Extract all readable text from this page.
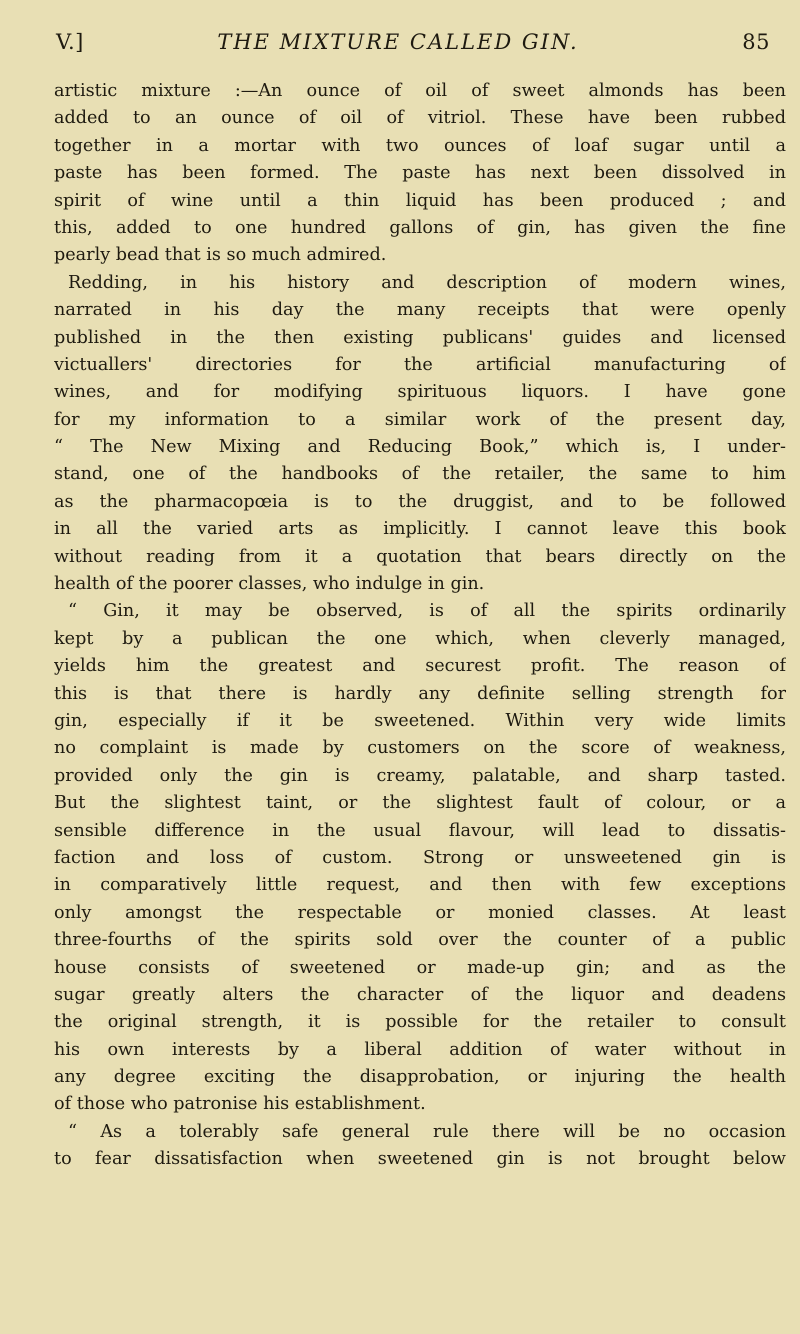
V.]	THE MIXTURE CALLED GIN.	85
artistic mixture :—An ounce of oil of sweet almonds has been
added to an ounce of oil of vitriol. These have been rubbed
together in a mortar with two ounces of loaf sugar until a
paste has been formed. The paste has next been dissolved in
spirit of wine until a thin liquid has been produced ; and
this, added to one hundred gallons of gin, has given the fine
pearly bead that is so much admired.
Redding, in his history and description of modern wines,
narrated in his day the many receipts that were openly
published in the then existing publicans' guides and licensed
victuallers' directories for the artificial manufacturing of
wines, and for modifying spirituous liquors. I have gone
for my information to a similar work of the present day,
“ The New Mixing and Reducing Book,” which is, I under-
stand, one of the handbooks of the retailer, the same to him
as the pharmacopœia is to the druggist, and to be followed
in all the varied arts as implicitly. I cannot leave this book
without reading from it a quotation that bears directly on the
health of the poorer classes, who indulge in gin.
“ Gin, it may be observed, is of all the spirits ordinarily
kept by a publican the one which, when cleverly managed,
yields him the greatest and securest profit. The reason of
this is that there is hardly any definite selling strength for
gin, especially if it be sweetened. Within very wide limits
no complaint is made by customers on the score of weakness,
provided only the gin is creamy, palatable, and sharp tasted.
But the slightest taint, or the slightest fault of colour, or a
sensible difference in the usual flavour, will lead to dissatis-
faction and loss of custom. Strong or unsweetened gin is
in comparatively little request, and then with few exceptions
only amongst the respectable or monied classes. At least
three-fourths of the spirits sold over the counter of a public
house consists of sweetened or made-up gin; and as the
sugar greatly alters the character of the liquor and deadens
the original strength, it is possible for the retailer to consult
his own interests by a liberal addition of water without in
any degree exciting the disapprobation, or injuring the health
of those who patronise his establishment.
“ As a tolerably safe general rule there will be no occasion
to fear dissatisfaction when sweetened gin is not brought below
